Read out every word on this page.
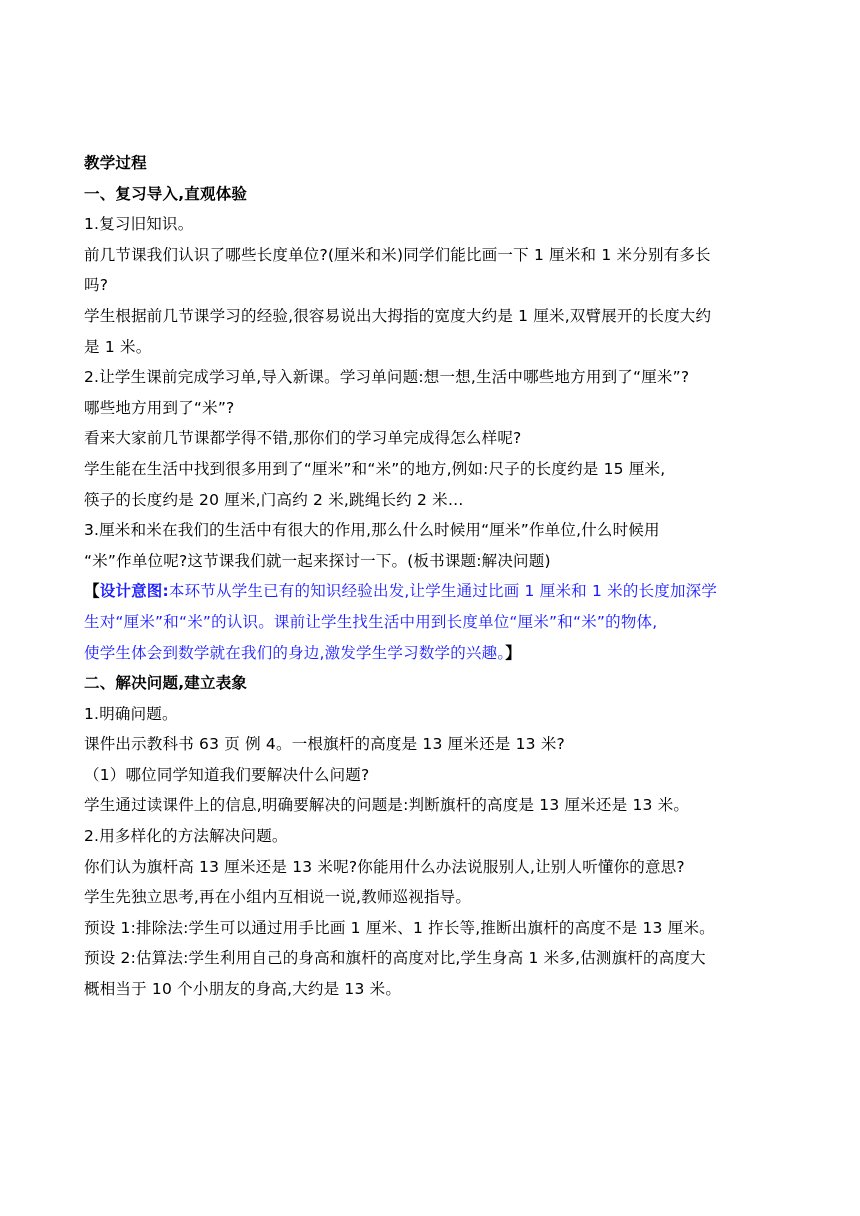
教学过程
一、复习导入,直观体验
1.复习旧知识。
前几节课我们认识了哪些长度单位?(厘米和米)同学们能比画一下 1 厘米和 1 米分别有多长
吗?
学生根据前几节课学习的经验,很容易说出大拇指的宽度大约是 1 厘米,双臂展开的长度大约
是 1 米。
2.让学生课前完成学习单,导入新课。学习单问题:想一想,生活中哪些地方用到了“厘米”?
哪些地方用到了“米”?
看来大家前几节课都学得不错,那你们的学习单完成得怎么样呢?
学生能在生活中找到很多用到了“厘米”和“米”的地方,例如:尺子的长度约是 15 厘米,
筷子的长度约是 20 厘米,门高约 2 米,跳绳长约 2 米…
3.厘米和米在我们的生活中有很大的作用,那么什么时候用“厘米”作单位,什么时候用
“米”作单位呢?这节课我们就一起来探讨一下。(板书课题:解决问题)
【设计意图:本环节从学生已有的知识经验出发,让学生通过比画 1 厘米和 1 米的长度加深学
生对“厘米”和“米”的认识。课前让学生找生活中用到长度单位“厘米”和“米”的物体,
使学生体会到数学就在我们的身边,激发学生学习数学的兴趣。】
二、解决问题,建立表象
1.明确问题。
课件出示教科书 63 页 例 4。一根旗杆的高度是 13 厘米还是 13 米?
（1）哪位同学知道我们要解决什么问题?
学生通过读课件上的信息,明确要解决的问题是:判断旗杆的高度是 13 厘米还是 13 米。
2.用多样化的方法解决问题。
你们认为旗杆高 13 厘米还是 13 米呢?你能用什么办法说服别人,让别人听懂你的意思?
学生先独立思考,再在小组内互相说一说,教师巡视指导。
预设 1:排除法:学生可以通过用手比画 1 厘米、1 拃长等,推断出旗杆的高度不是 13 厘米。
预设 2:估算法:学生利用自己的身高和旗杆的高度对比,学生身高 1 米多,估测旗杆的高度大
概相当于 10 个小朋友的身高,大约是 13 米。
